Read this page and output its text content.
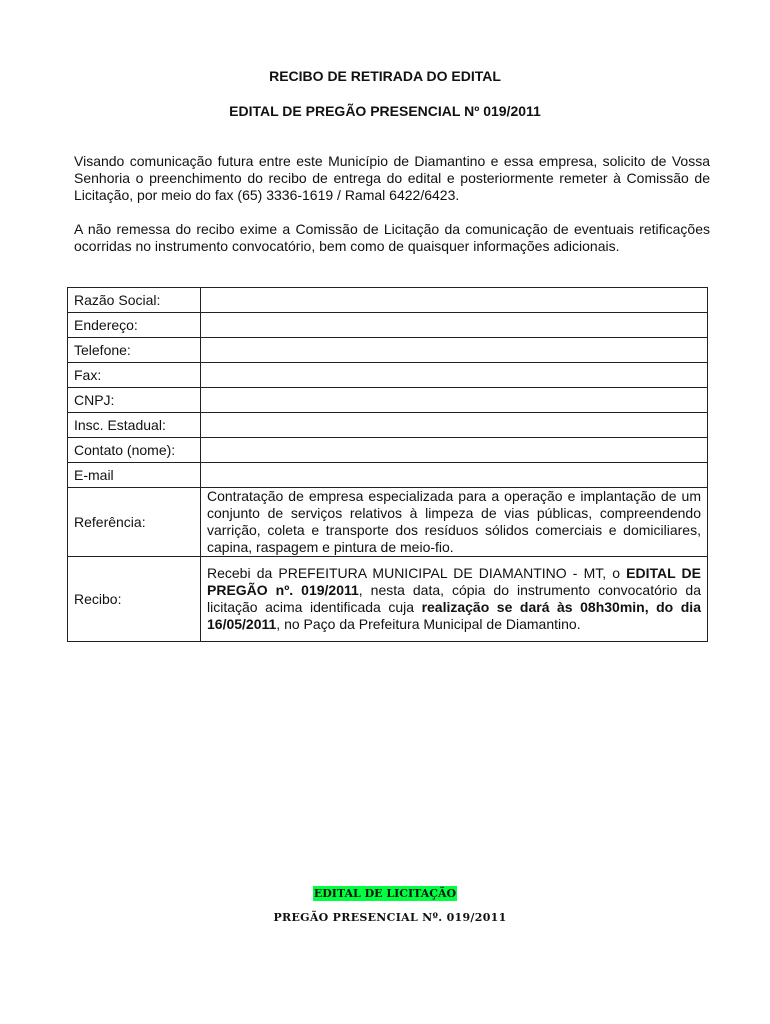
RECIBO DE RETIRADA DO EDITAL
EDITAL DE PREGÃO PRESENCIAL Nº 019/2011
Visando comunicação futura entre este Município de Diamantino e essa empresa, solicito de Vossa Senhoria o preenchimento do recibo de entrega do edital e posteriormente remeter à Comissão de Licitação, por meio do fax (65) 3336-1619 / Ramal 6422/6423.
A não remessa do recibo exime a Comissão de Licitação da comunicação de eventuais retificações ocorridas no instrumento convocatório, bem como de quaisquer informações adicionais.
Razão Social:	
Endereço:	
Telefone:	
Fax:	
CNPJ:	
Insc. Estadual:	
Contato (nome):	
E-mail	
Referência:	Contratação de empresa especializada para a operação e implantação de um conjunto de serviços relativos à limpeza de vias públicas, compreendendo varrição, coleta e transporte dos resíduos sólidos comerciais e domiciliares, capina, raspagem e pintura de meio-fio.
Recibo:	Recebi da PREFEITURA MUNICIPAL DE DIAMANTINO - MT, o EDITAL DE PREGÃO nº. 019/2011, nesta data, cópia do instrumento convocatório da licitação acima identificada cuja realização se dará às 08h30min, do dia 16/05/2011, no Paço da Prefeitura Municipal de Diamantino.
EDITAL DE LICITAÇÃO
PREGÃO PRESENCIAL Nº. 019/2011
